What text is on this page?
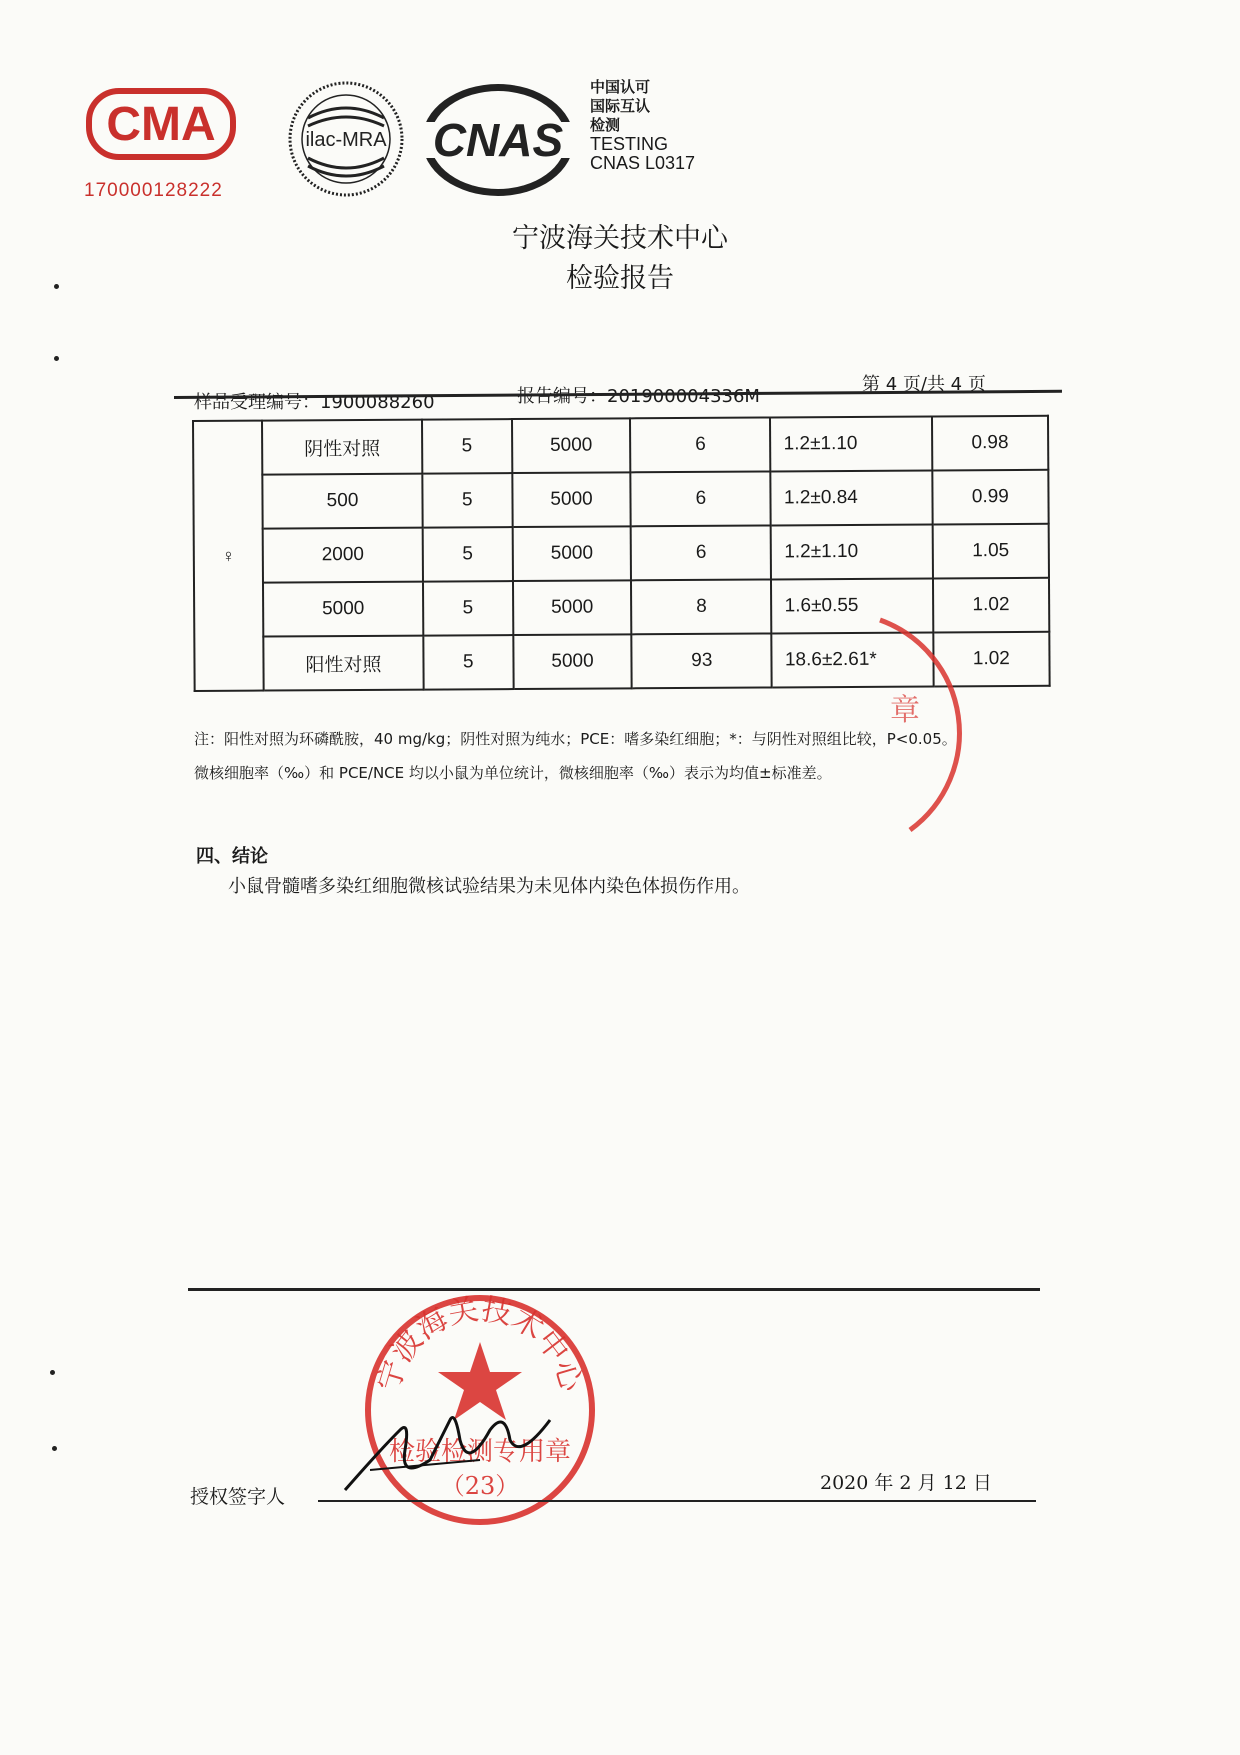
CMA
170000128222
ilac-MRA CNAS
中国认可
国际互认
检测
TESTING
CNAS L0317
宁波海关技术中心
检验报告
样品受理编号：1900088260	报告编号：201900004336M
第 4 页/共 4 页
♀	阴性对照	5	5000	6	1.2±1.10	0.98
	500	5	5000	6	1.2±0.84	0.99
	2000	5	5000	6	1.2±1.10	1.05
	5000	5	5000	8	1.6±0.55	1.02
	阳性对照	5	5000	93	18.6±2.61*	1.02
注：阳性对照为环磷酰胺，40 mg/kg；阴性对照为纯水；PCE：嗜多染红细胞；*：与阴性对照组比较，P<0.05。
微核细胞率（‰）和 PCE/NCE 均以小鼠为单位统计，微核细胞率（‰）表示为均值±标准差。
四、结论
小鼠骨髓嗜多染红细胞微核试验结果为未见体内染色体损伤作用。
章
宁波海关技术中心
检验检测专用章
（23）
授权签字人
2020 年 2 月 12 日
